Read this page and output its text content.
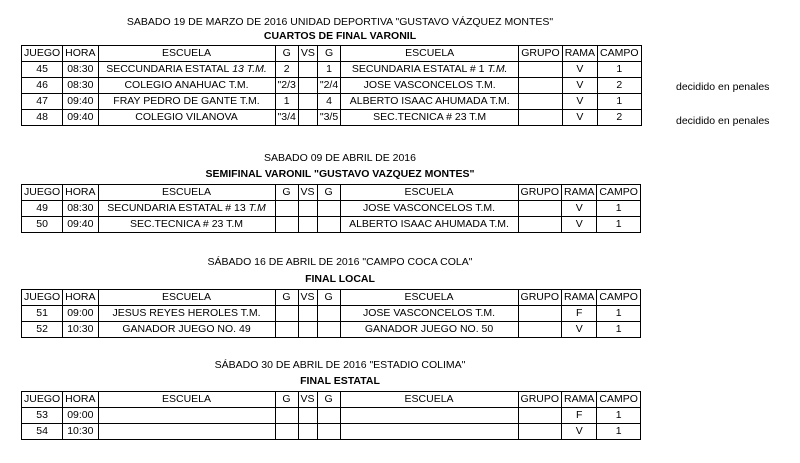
SABADO 19 DE MARZO DE 2016 UNIDAD DEPORTIVA "GUSTAVO VÁZQUEZ MONTES"
CUARTOS DE FINAL VARONIL
JUEGO	HORA	ESCUELA	G	VS	G	ESCUELA	GRUPO	RAMA	CAMPO
45	08:30	SECCUNDARIA ESTATAL 13 T.M.	2		1	SECUNDARIA ESTATAL # 1 T.M.		V	1
46	08:30	COLEGIO ANAHUAC T.M.	"2/3		"2/4	JOSE VASCONCELOS T.M.		V	2
47	09:40	FRAY PEDRO DE GANTE T.M.	1		4	ALBERTO ISAAC AHUMADA T.M.		V	1
48	09:40	COLEGIO VILANOVA	"3/4		"3/5	SEC.TECNICA # 23 T.M		V	2
SABADO 09 DE ABRIL DE 2016
SEMIFINAL VARONIL "GUSTAVO VAZQUEZ MONTES"
JUEGO	HORA	ESCUELA	G	VS	G	ESCUELA	GRUPO	RAMA	CAMPO
49	08:30	SECUNDARIA ESTATAL # 13 T.M				JOSE VASCONCELOS T.M.		V	1
50	09:40	SEC.TECNICA # 23 T.M				ALBERTO ISAAC AHUMADA T.M.		V	1
SÁBADO 16 DE ABRIL DE 2016 "CAMPO COCA COLA"
FINAL LOCAL
JUEGO	HORA	ESCUELA	G	VS	G	ESCUELA	GRUPO	RAMA	CAMPO
51	09:00	JESUS REYES HEROLES T.M.				JOSE VASCONCELOS T.M.		F	1
52	10:30	GANADOR JUEGO NO. 49				GANADOR JUEGO NO. 50		V	1
SÁBADO 30 DE ABRIL DE 2016 "ESTADIO COLIMA"
FINAL ESTATAL
JUEGO	HORA	ESCUELA	G	VS	G	ESCUELA	GRUPO	RAMA	CAMPO
53	09:00							F	1
54	10:30							V	1
decidido en penales
decidido en penales
